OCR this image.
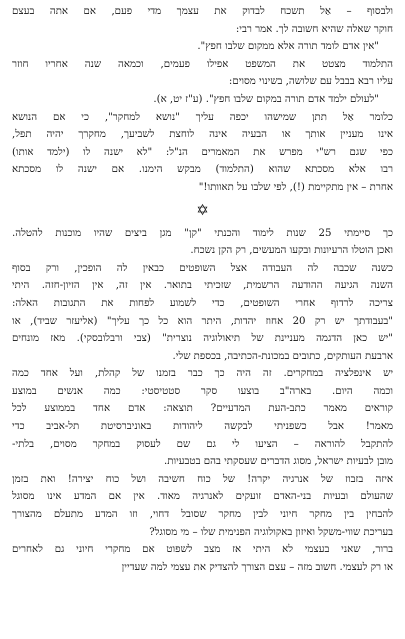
ולבסוף – אַל תשכח לבדוק את עצמך מדי פעם, אם אתה בעצם
חוקר שאלה שהיא חשובה לך. אמר רבי:
"אין אדם לומד תורה אלא ממקום שלבו חפץ".
התלמוד מצטט את המשפט אפילו פעמים, וכמאה שנה אחריו חוזר
עליו רבא בבבל עם שלושה, בשינוי מסוים:
"לעולם ילמד אדם תורה במקום שלבו חפץ". (ע"ז יט, א).
כלומר אַל תתן שמישהו יכפה עליך "נושא למחקר", כי אם הנושא
אינו מעניין אותך או הבעיה אינה לוחצת לשביעך, מחקרך יהיה תפל,
כפי שגם רש"י מפרש את המאמרים הנ"ל: "לא ישנה לו (ילמד אותו)
רבו אלא מסכתא שהוא (התלמוד) מבקש הימנו. אם ישנה לו מסכתא
אחרת – אין מתקיימת (!), לפי שלבו על תאוותו!"
✡
כך סיימתי 25 שנות לימוד והכנתי "קן" מגן ביצים שהיו מוכנות להטלה.
ואכן הוטלו הרעיונות ובקעו המעשים, רק הקן נשכח.
כשנה שכבה לה העבודה אצל השופטים כבאין לה הופכין, ורק בסוף
השנה הגיעה ההודעה הרשמית, שזכיתי בתואר. אין זה, אין הזיון-חזה. היתי
צריכה לרדוף אחרי השופטים, כדי לשמוע לפחות את התגובות האלה:
"בעבודתך יש רק 20 אחוז יהדות, היתר הוא כל כך עליך" (אליעזר שביד), או
"יש כאן הדגמה מעניינת של תיאולוגיה נוצרית" (צבי ורבלובסקי). מאז מונחים
ארבעת העותקים, כתובים במכונת-הכתיבה, בכספת שלי.
יש אינפלציה במחקרים. זה היה כך כבר בזמנו של קהלת, ועל אחד כמה
וכמה היום. בארה"ב בוצעו סקר סטטיסטי: כמה אנשים במוצע
קוראים מאמר כתב-העת המדעיים? תוצאה: אדם אחד בממוצע לכל
מאמר! אבל כשפניתי לבקשה ליהודות באוניברסיטת תל-אביב כדי
להתקבל להוראה – הציעו לי גם שם לעסוק במחקר מסוים, בלתי-
מובן לבעיות ישראל, מסוג הדברים שעסקתי בהם בטבעיות.
איזה בזבוז של אנרגיה יקרה! של כוח חשיבה ושל כוח יצירה! ואת בזמן
שהעולם ובעיות בני-האדם זועקים לאנרגיה מאוד. אין אם המדע אינו מסוגל
להבחין בין מחקר חיוני לבין מחקר שסובל דחוי, וזו המדע מתעלם מהצורך
בעריכת שווי-משקל ואיזון באקולוגיה הפנימית שלו – מי מסוגל?
ברור, שאני בעצמי לא היתי אז מצב לשפוט אם מחקרי חיוני גם לאחרים
או רק לעצמי. חשוב מזה – עצם הצורך להצדיק את עצמי למה שעדיין
